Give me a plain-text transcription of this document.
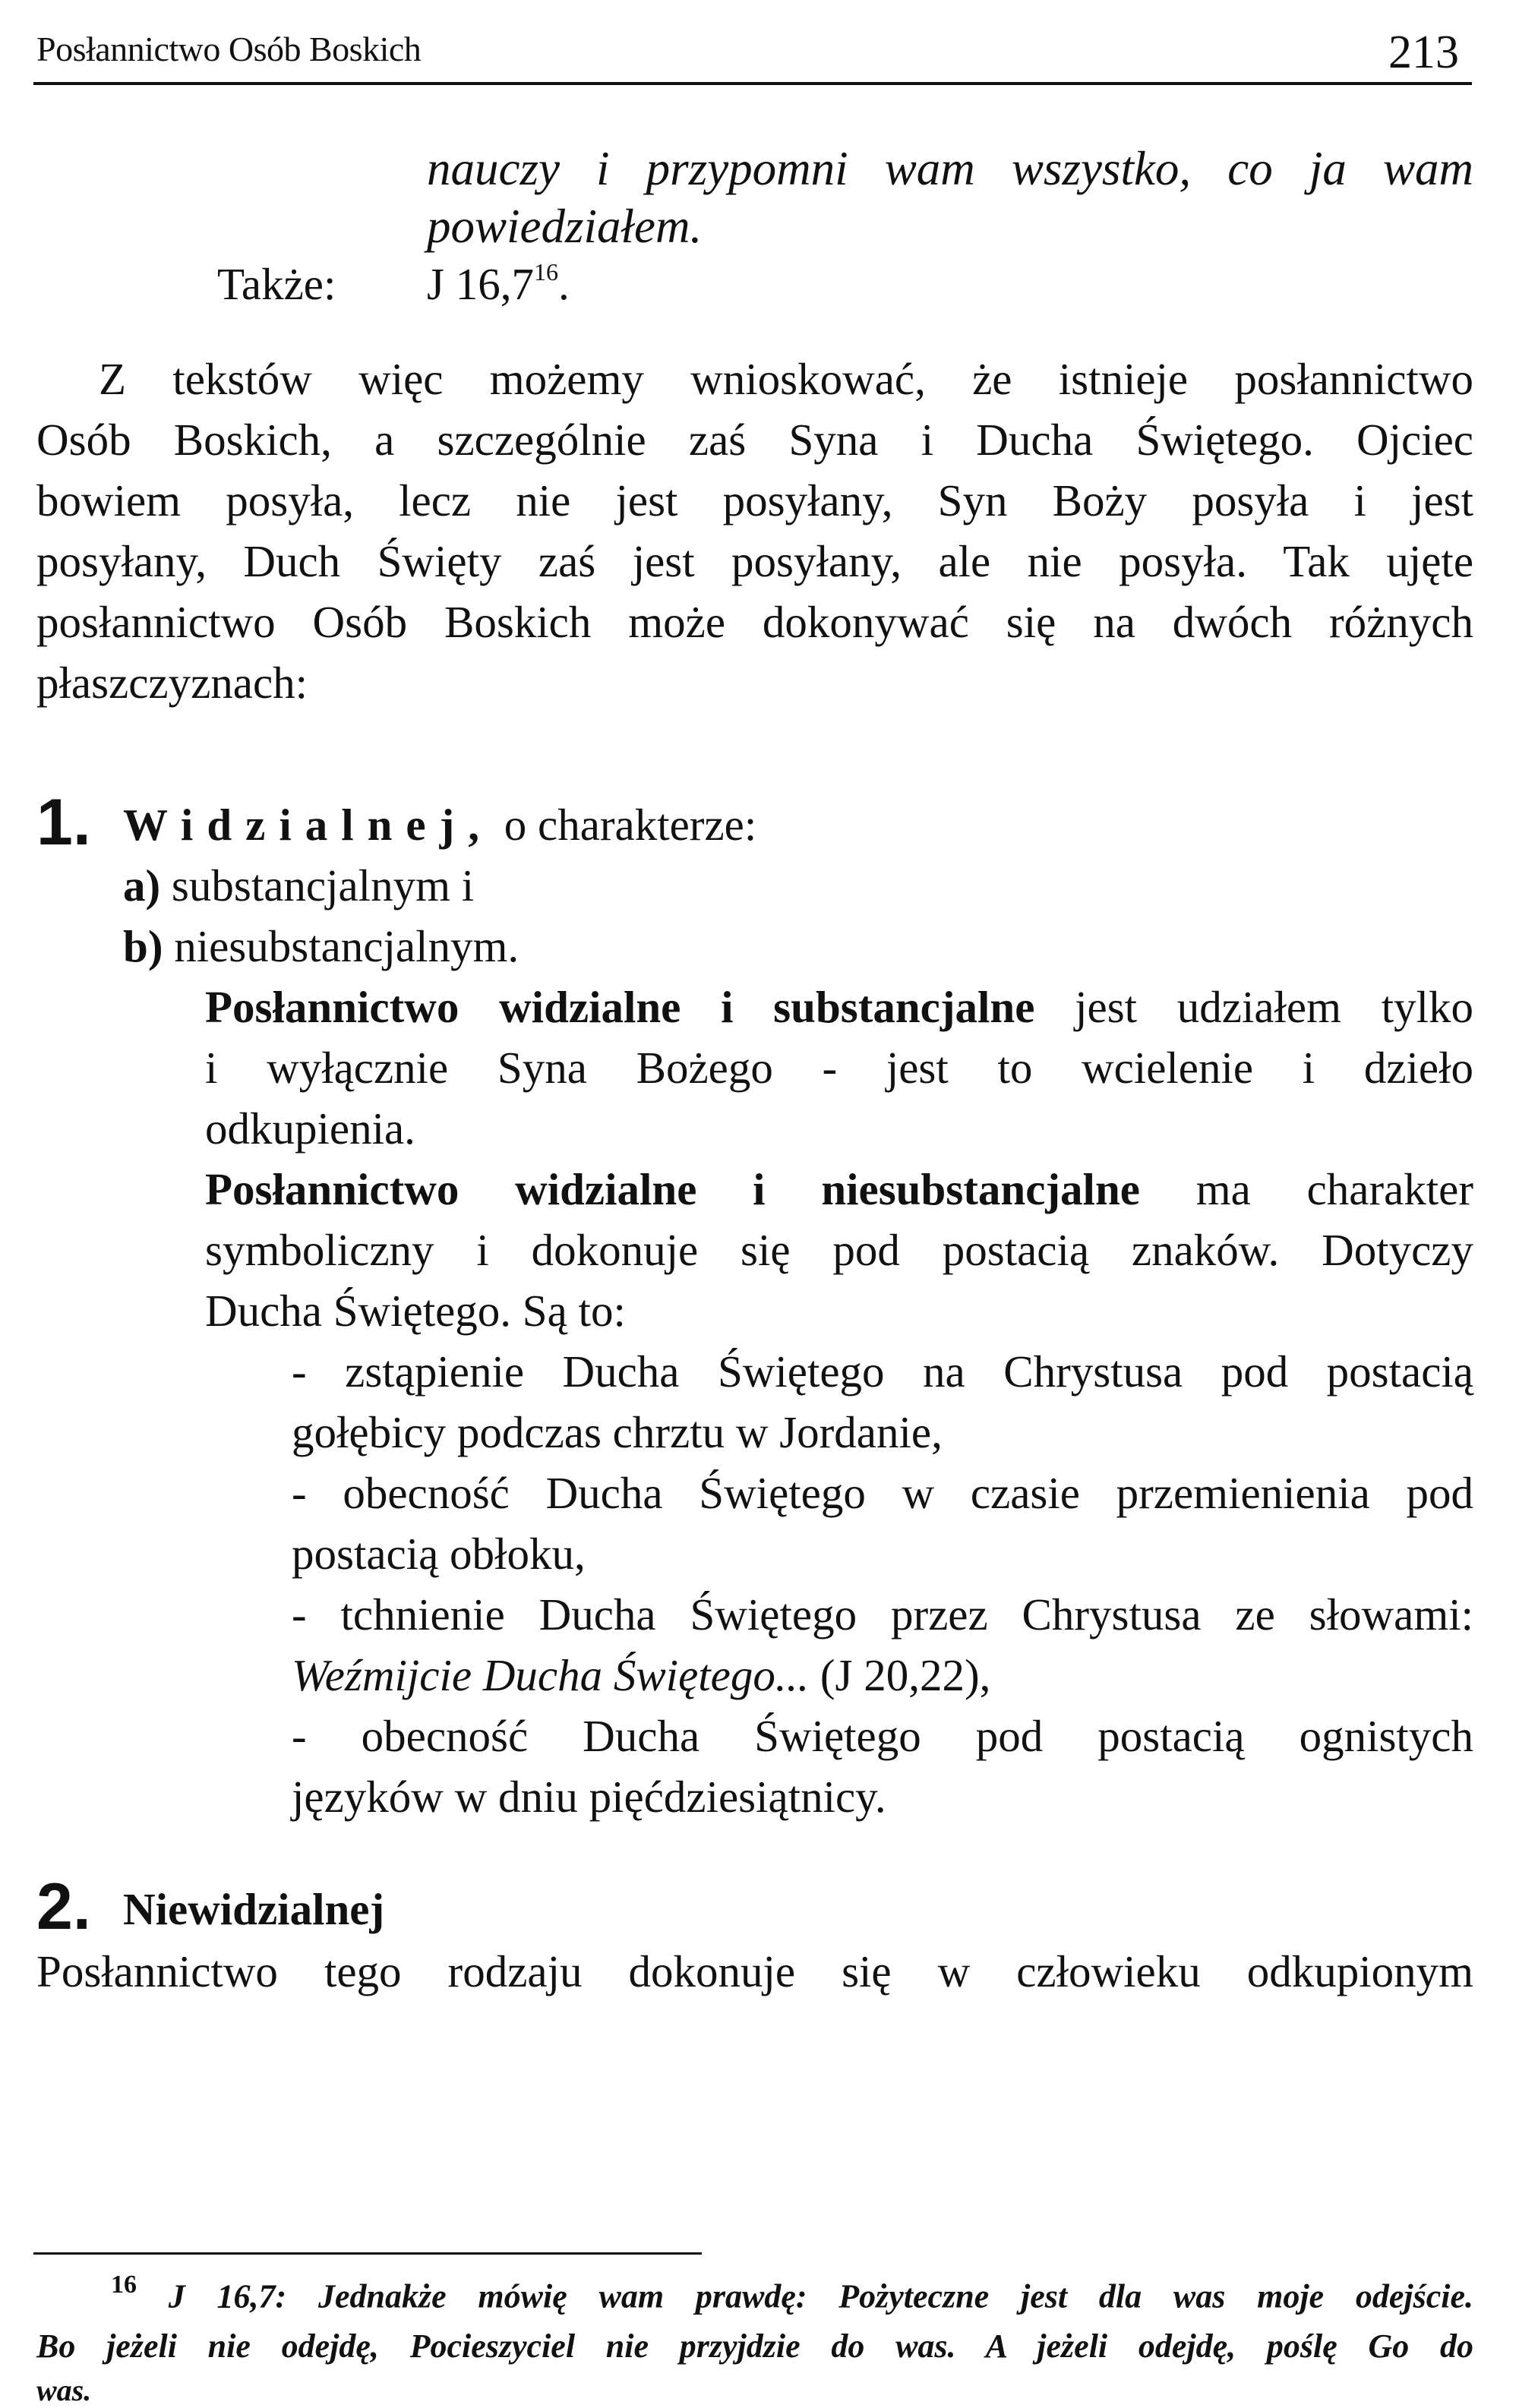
Posłannictwo Osób Boskich	213
nauczy i przypomni wam wszystko, co ja wam
powiedziałem.
Także: J 16,7$^{16}$.
Z tekstów więc możemy wnioskować, że istnieje posłannictwo
Osób Boskich, a szczególnie zaś Syna i Ducha Świętego. Ojciec
bowiem posyła, lecz nie jest posyłany, Syn Boży posyła i jest
posyłany, Duch Święty zaś jest posyłany, ale nie posyła. Tak ujęte
posłannictwo Osób Boskich może dokonywać się na dwóch różnych
płaszczyznach:
1. Widzialnej, o charakterze:
a) substancjalnym i
b) niesubstancjalnym.
Posłannictwo widzialne i substancjalne jest udziałem tylko
i wyłącznie Syna Bożego - jest to wcielenie i dzieło
odkupienia.
Posłannictwo widzialne i niesubstancjalne ma charakter
symboliczny i dokonuje się pod postacią znaków. Dotyczy
Ducha Świętego. Są to:
- zstąpienie Ducha Świętego na Chrystusa pod postacią
gołębicy podczas chrztu w Jordanie,
- obecność Ducha Świętego w czasie przemienienia pod
postacią obłoku,
- tchnienie Ducha Świętego przez Chrystusa ze słowami:
Weźmijcie Ducha Świętego... (J 20,22),
- obecność Ducha Świętego pod postacią ognistych
języków w dniu pięćdziesiątnicy.
2. Niewidzialnej
Posłannictwo tego rodzaju dokonuje się w człowieku odkupionym
$^{16}$ J 16,7: Jednakże mówię wam prawdę: Pożyteczne jest dla was moje odejście.
Bo jeżeli nie odejdę, Pocieszyciel nie przyjdzie do was. A jeżeli odejdę, poślę Go do
was.
